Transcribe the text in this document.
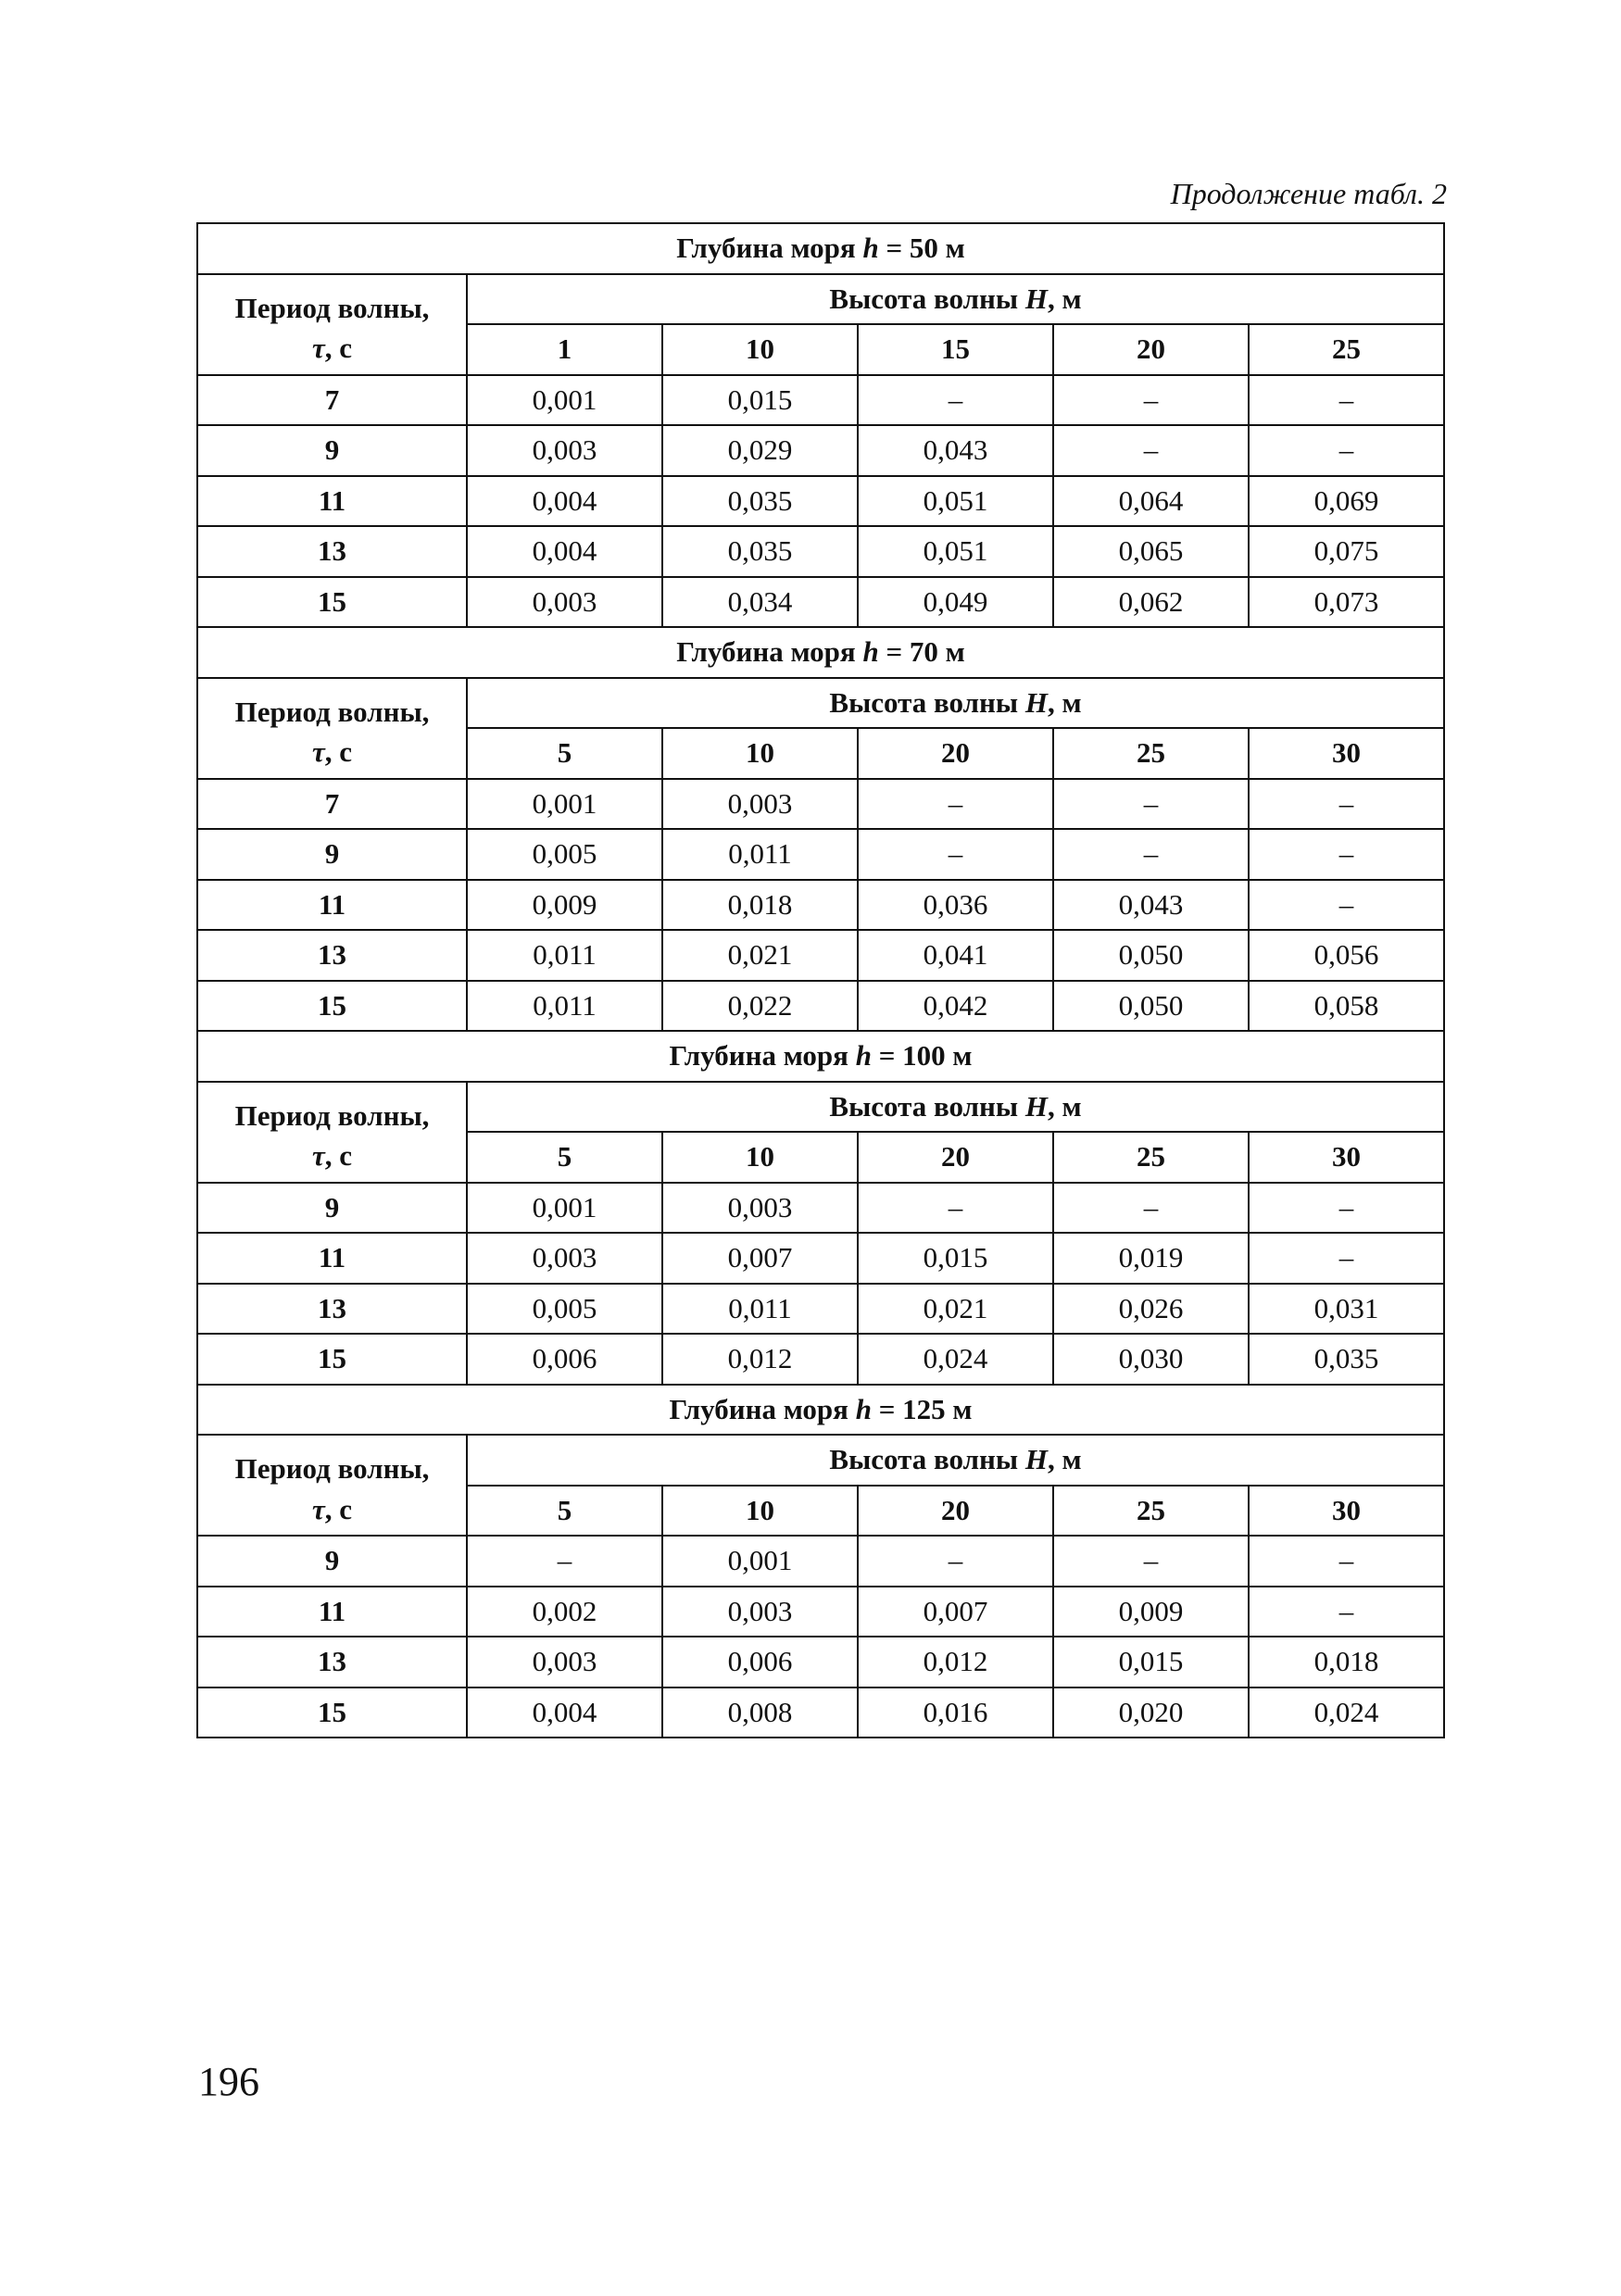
Продолжение табл. 2
Глубина моря h = 50 м					
Период волны,
τ, с	Высота волны H, м				
	1	10	15	20	25
7	0,001	0,015	–	–	–
9	0,003	0,029	0,043	–	–
11	0,004	0,035	0,051	0,064	0,069
13	0,004	0,035	0,051	0,065	0,075
15	0,003	0,034	0,049	0,062	0,073
Глубина моря h = 70 м					
Период волны,
τ, с	Высота волны H, м				
	5	10	20	25	30
7	0,001	0,003	–	–	–
9	0,005	0,011	–	–	–
11	0,009	0,018	0,036	0,043	–
13	0,011	0,021	0,041	0,050	0,056
15	0,011	0,022	0,042	0,050	0,058
Глубина моря h = 100 м					
Период волны,
τ, с	Высота волны H, м				
	5	10	20	25	30
9	0,001	0,003	–	–	–
11	0,003	0,007	0,015	0,019	–
13	0,005	0,011	0,021	0,026	0,031
15	0,006	0,012	0,024	0,030	0,035
Глубина моря h = 125 м					
Период волны,
τ, с	Высота волны H, м				
	5	10	20	25	30
9	–	0,001	–	–	–
11	0,002	0,003	0,007	0,009	–
13	0,003	0,006	0,012	0,015	0,018
15	0,004	0,008	0,016	0,020	0,024
196
